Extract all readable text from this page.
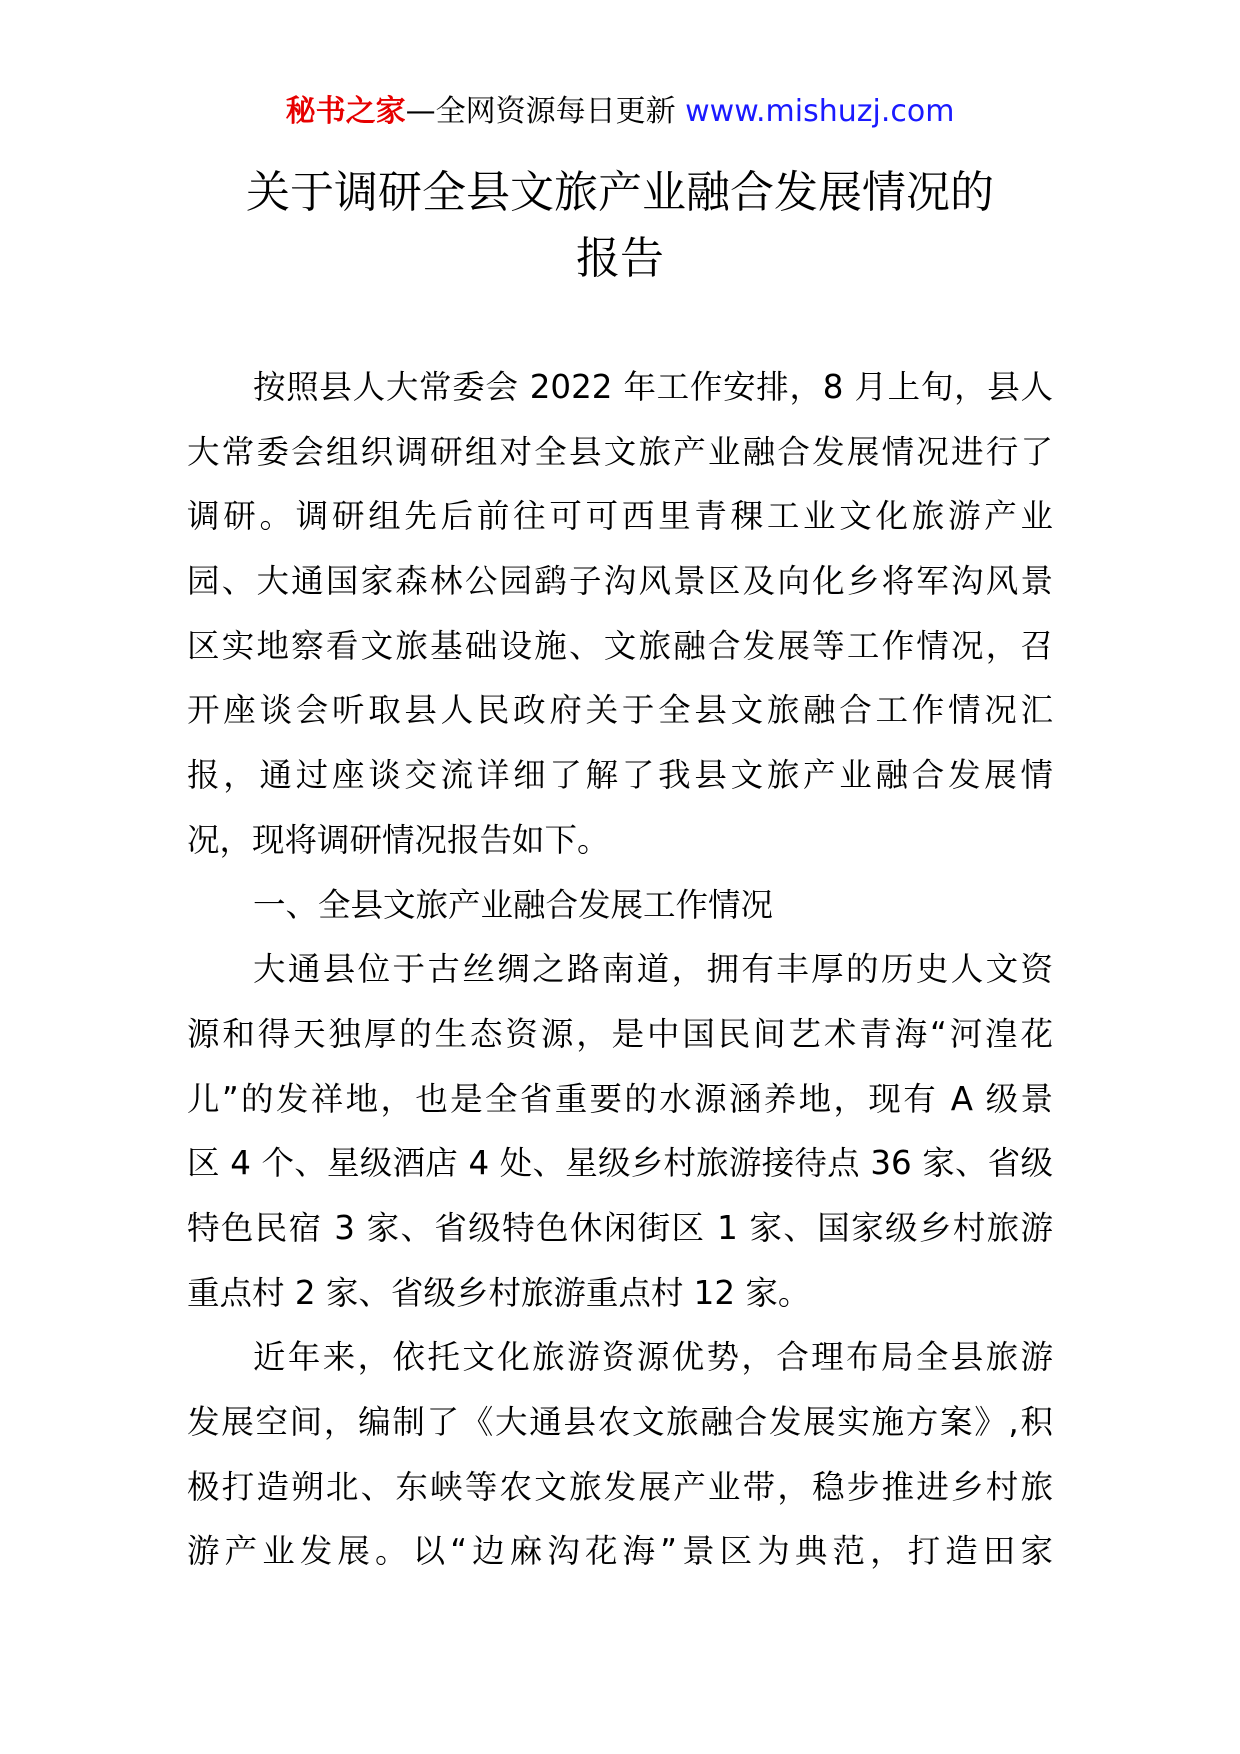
秘书之家—全网资源每日更新 www.mishuzj.com
关于调研全县文旅产业融合发展情况的
报告
按照县人大常委会 2022 年工作安排，8 月上旬，县人
大常委会组织调研组对全县文旅产业融合发展情况进行了
调研。调研组先后前往可可西里青稞工业文化旅游产业
园、大通国家森林公园鹞子沟风景区及向化乡将军沟风景
区实地察看文旅基础设施、文旅融合发展等工作情况，召
开座谈会听取县人民政府关于全县文旅融合工作情况汇
报，通过座谈交流详细了解了我县文旅产业融合发展情
况，现将调研情况报告如下。
一、全县文旅产业融合发展工作情况
大通县位于古丝绸之路南道，拥有丰厚的历史人文资
源和得天独厚的生态资源，是中国民间艺术青海“河湟花
儿”的发祥地，也是全省重要的水源涵养地，现有 A 级景
区 4 个、星级酒店 4 处、星级乡村旅游接待点 36 家、省级
特色民宿 3 家、省级特色休闲街区 1 家、国家级乡村旅游
重点村 2 家、省级乡村旅游重点村 12 家。
近年来，依托文化旅游资源优势，合理布局全县旅游
发展空间，编制了《大通县农文旅融合发展实施方案》,积
极打造朔北、东峡等农文旅发展产业带，稳步推进乡村旅
游产业发展。以“边麻沟花海”景区为典范，打造田家
